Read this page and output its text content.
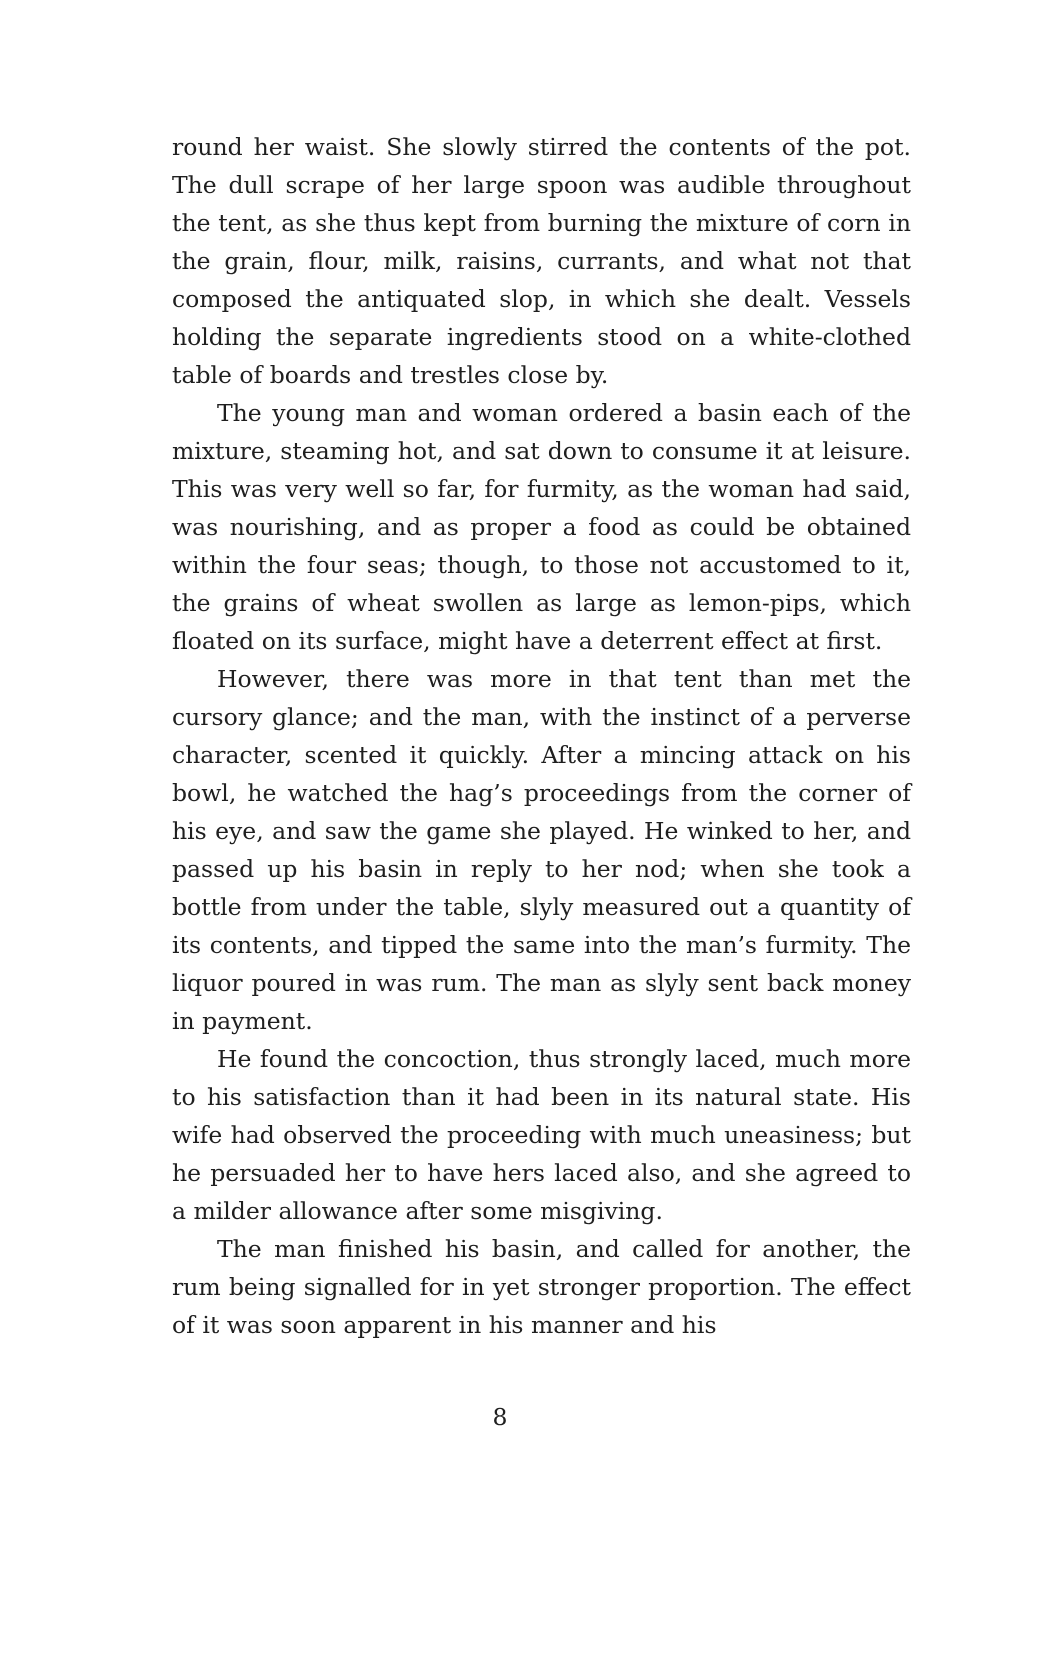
round her waist. She slowly stirred the contents of the pot. The dull scrape of her large spoon was audible throughout the tent, as she thus kept from burning the mixture of corn in the grain, flour, milk, raisins, currants, and what not that composed the antiquated slop, in which she dealt. Vessels holding the separate ingredients stood on a white-clothed table of boards and trestles close by.

The young man and woman ordered a basin each of the mixture, steaming hot, and sat down to consume it at leisure. This was very well so far, for furmity, as the woman had said, was nourishing, and as proper a food as could be obtained within the four seas; though, to those not accustomed to it, the grains of wheat swollen as large as lemon-pips, which floated on its surface, might have a deterrent effect at first.

However, there was more in that tent than met the cursory glance; and the man, with the instinct of a perverse character, scented it quickly. After a mincing attack on his bowl, he watched the hag’s proceedings from the corner of his eye, and saw the game she played. He winked to her, and passed up his basin in reply to her nod; when she took a bottle from under the table, slyly measured out a quantity of its contents, and tipped the same into the man’s furmity. The liquor poured in was rum. The man as slyly sent back money in payment.

He found the concoction, thus strongly laced, much more to his satisfaction than it had been in its natural state. His wife had observed the proceeding with much uneasiness; but he persuaded her to have hers laced also, and she agreed to a milder allowance after some misgiving.

The man finished his basin, and called for another, the rum being signalled for in yet stronger proportion. The effect of it was soon apparent in his manner and his

8
